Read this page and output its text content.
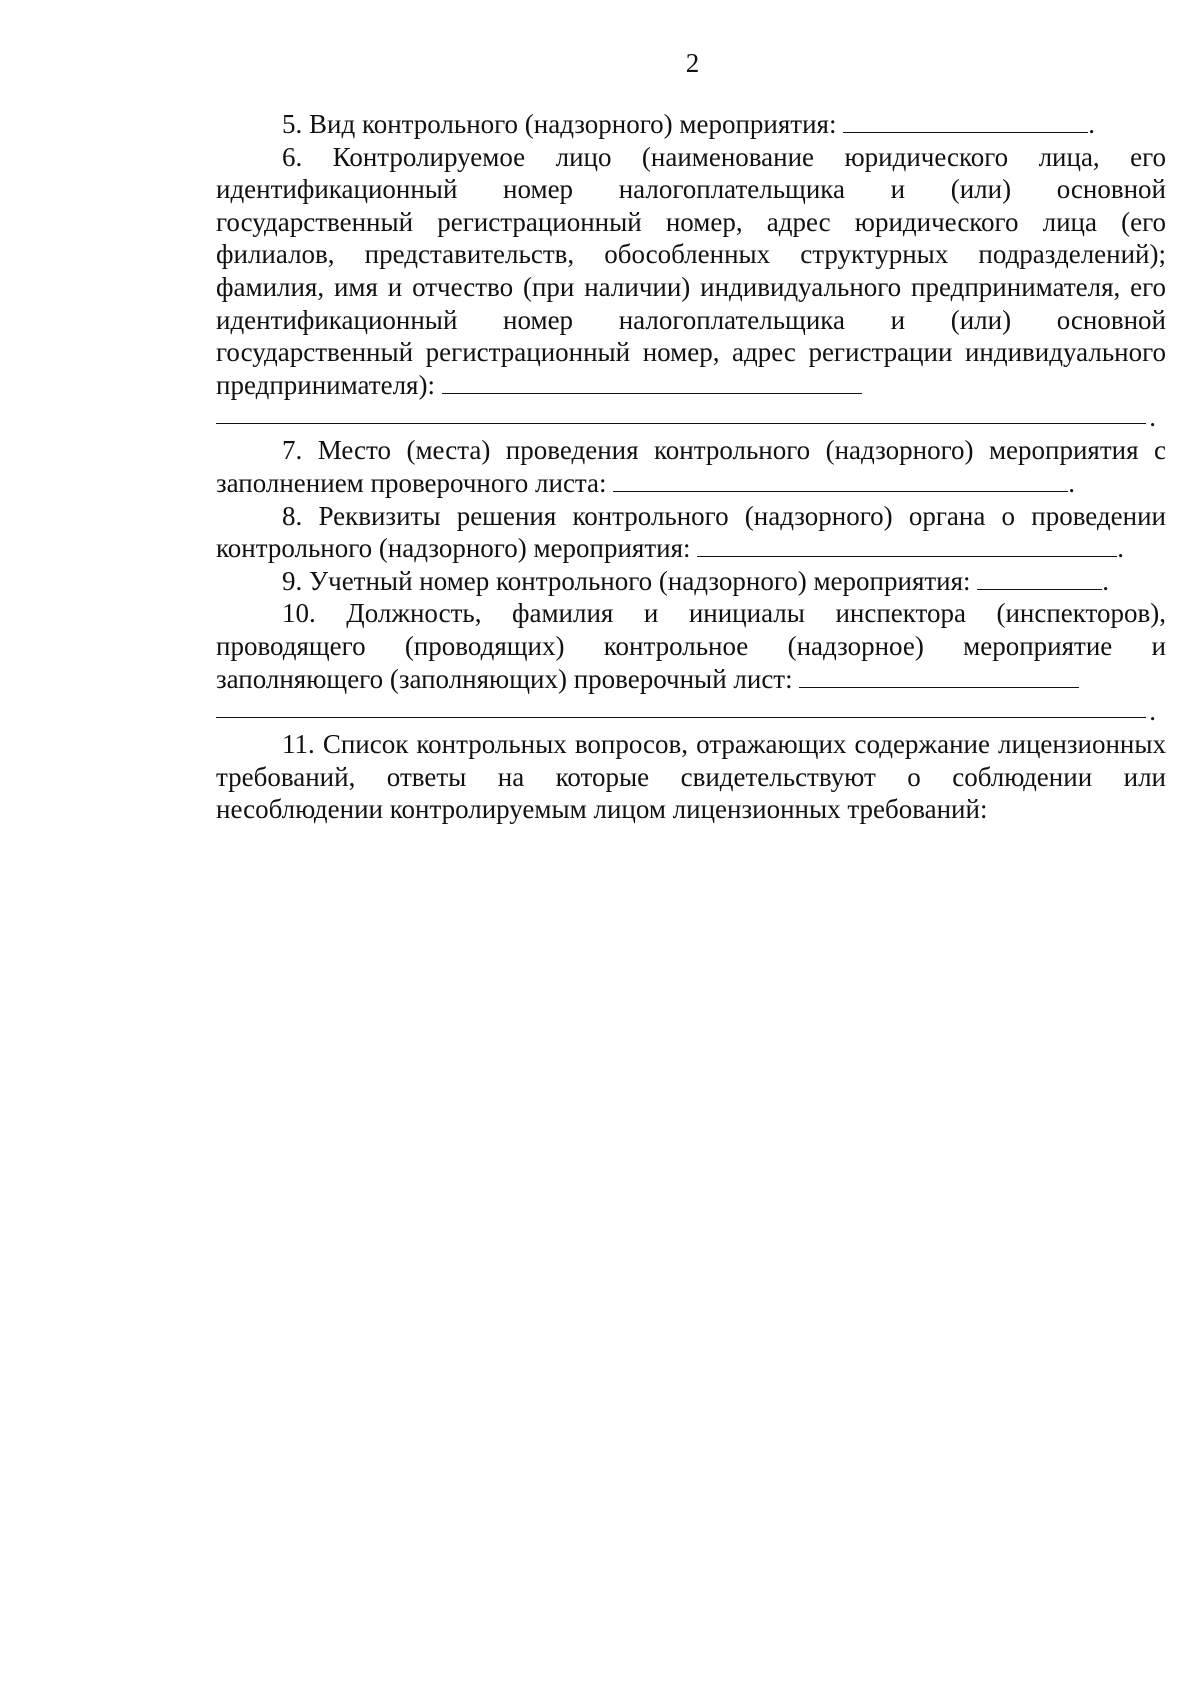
2

5. Вид контрольного (надзорного) мероприятия:	.

6. Контролируемое лицо (наименование юридического лица, его идентификационный номер налогоплательщика и (или) основной государственный регистрационный номер, адрес юридического лица (его филиалов, представительств, обособленных структурных подразделений); фамилия, имя и отчество (при наличии) индивидуального предпринимателя, его идентификационный номер налогоплательщика и (или) основной государственный регистрационный номер, адрес регистрации индивидуального предпринимателя):

.

7. Место (места) проведения контрольного (надзорного) мероприятия с заполнением проверочного листа:	.

8. Реквизиты решения контрольного (надзорного) органа о проведении контрольного (надзорного) мероприятия:	.

9. Учетный номер контрольного (надзорного) мероприятия:	.

10. Должность, фамилия и инициалы инспектора (инспекторов), проводящего (проводящих) контрольное (надзорное) мероприятие и заполняющего (заполняющих) проверочный лист:

.

11. Список контрольных вопросов, отражающих содержание лицензионных требований, ответы на которые свидетельствуют о соблюдении или несоблюдении контролируемым лицом лицензионных требований:
